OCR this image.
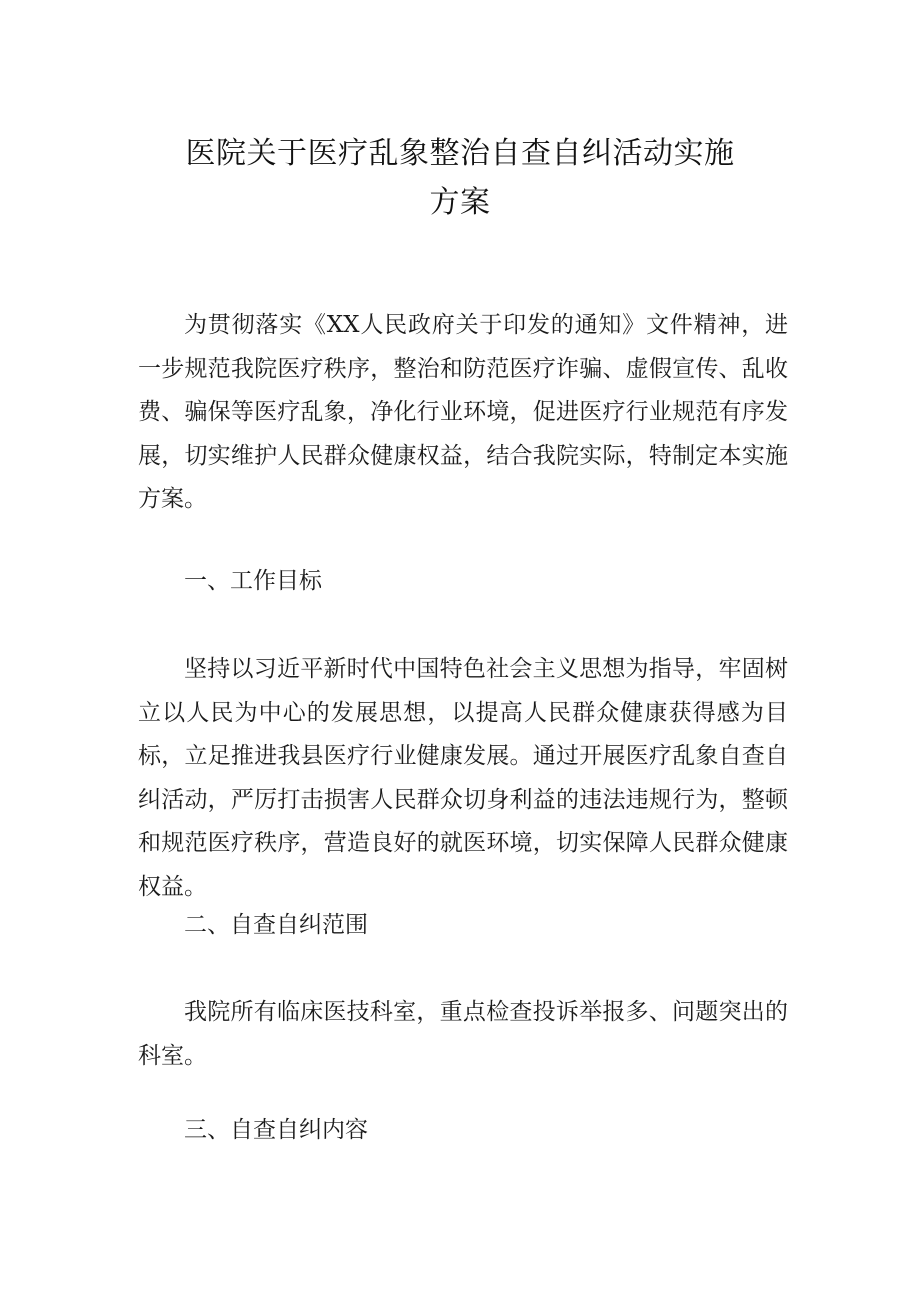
医院关于医疗乱象整治自查自纠活动实施
方案

为贯彻落实《XX人民政府关于印发的通知》文件精神，进一步规范我院医疗秩序，整治和防范医疗诈骗、虚假宣传、乱收费、骗保等医疗乱象，净化行业环境，促进医疗行业规范有序发展，切实维护人民群众健康权益，结合我院实际，特制定本实施方案。

一、工作目标

坚持以习近平新时代中国特色社会主义思想为指导，牢固树立以人民为中心的发展思想，以提高人民群众健康获得感为目标，立足推进我县医疗行业健康发展。通过开展医疗乱象自查自纠活动，严厉打击损害人民群众切身利益的违法违规行为，整顿和规范医疗秩序，营造良好的就医环境，切实保障人民群众健康权益。

二、自查自纠范围

我院所有临床医技科室，重点检查投诉举报多、问题突出的科室。

三、自查自纠内容
